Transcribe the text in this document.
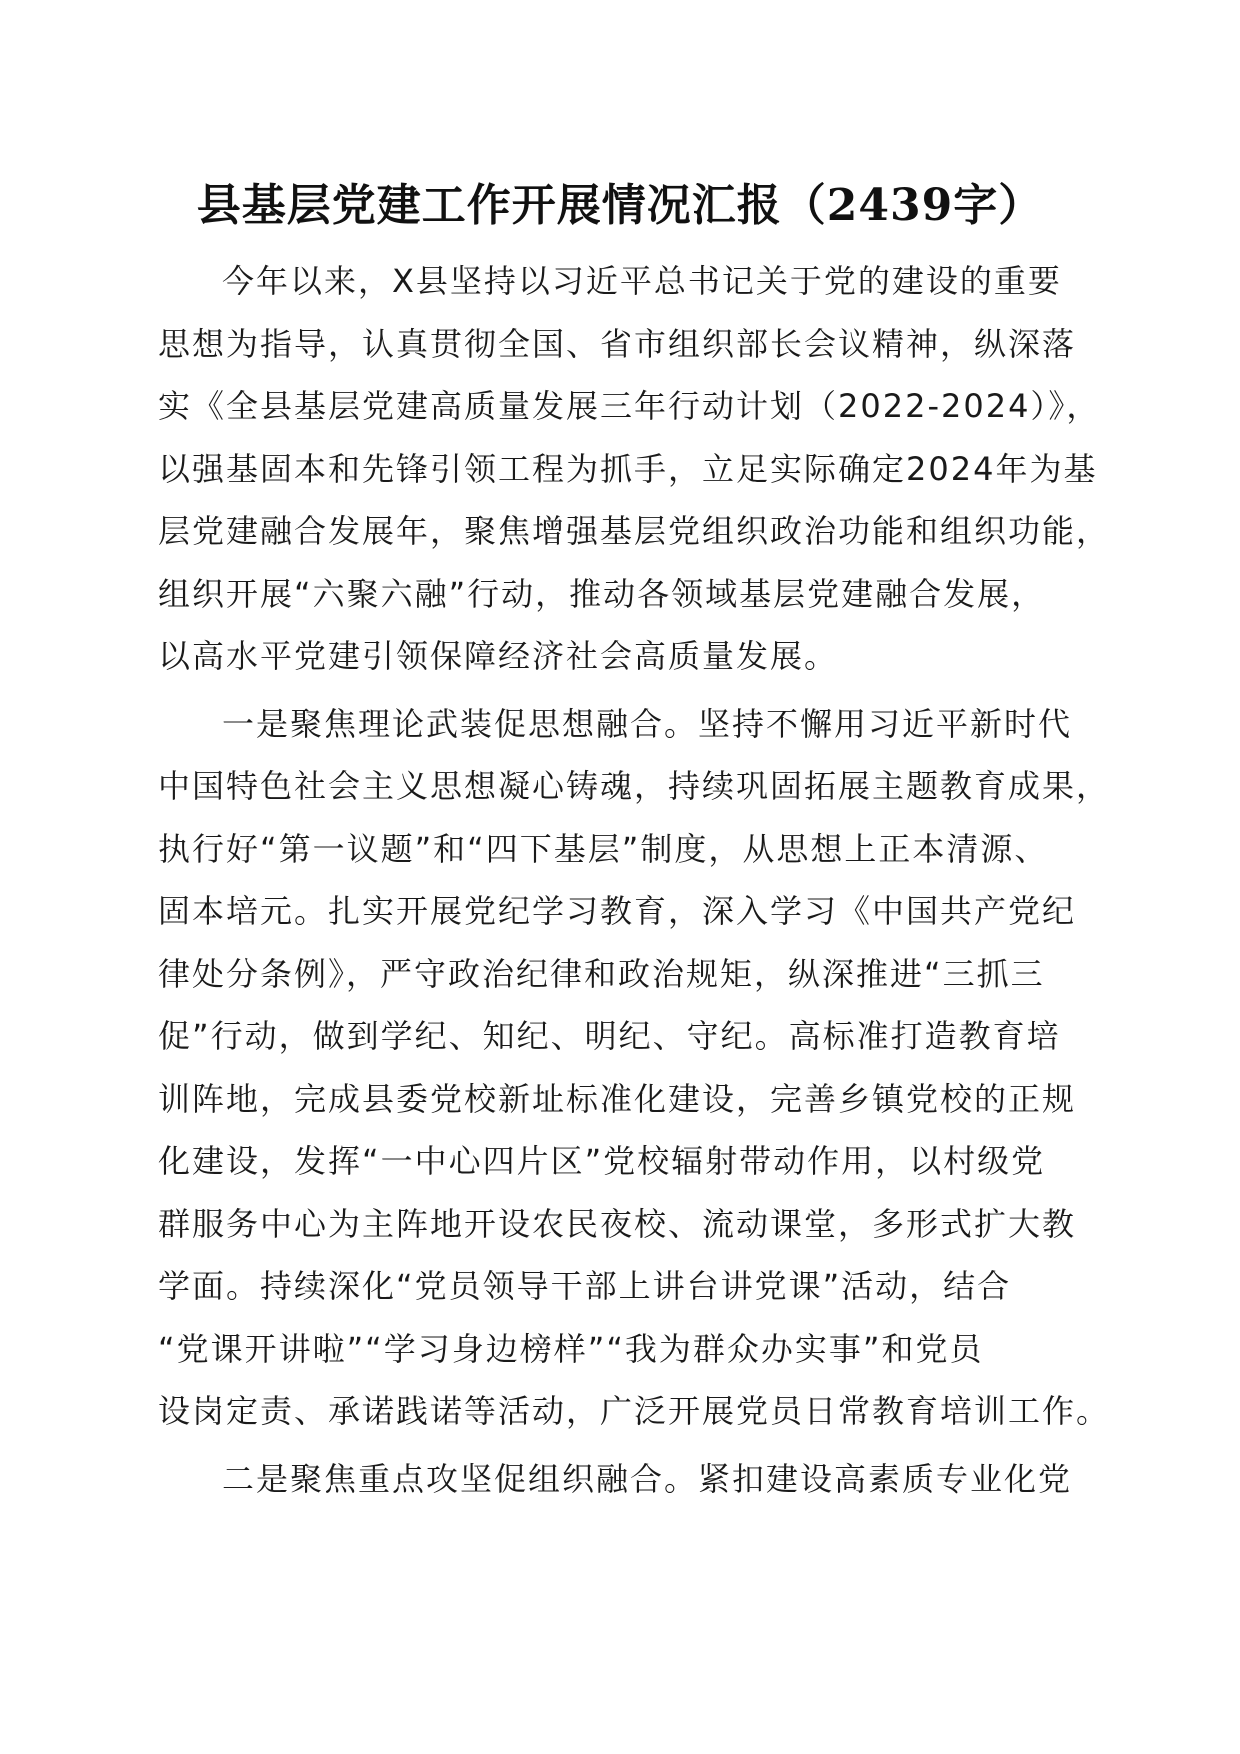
县基层党建工作开展情况汇报（2439字）

今年以来，X县坚持以习近平总书记关于党的建设的重要

思想为指导，认真贯彻全国、省市组织部长会议精神，纵深落

实《全县基层党建高质量发展三年行动计划（2022-2024）》，

以强基固本和先锋引领工程为抓手，立足实际确定2024年为基

层党建融合发展年，聚焦增强基层党组织政治功能和组织功能，

组织开展“六聚六融”行动，推动各领域基层党建融合发展，

以高水平党建引领保障经济社会高质量发展。

一是聚焦理论武装促思想融合。坚持不懈用习近平新时代

中国特色社会主义思想凝心铸魂，持续巩固拓展主题教育成果，

执行好“第一议题”和“四下基层”制度，从思想上正本清源、

固本培元。扎实开展党纪学习教育，深入学习《中国共产党纪

律处分条例》，严守政治纪律和政治规矩，纵深推进“三抓三

促”行动，做到学纪、知纪、明纪、守纪。高标准打造教育培

训阵地，完成县委党校新址标准化建设，完善乡镇党校的正规

化建设，发挥“一中心四片区”党校辐射带动作用，以村级党

群服务中心为主阵地开设农民夜校、流动课堂，多形式扩大教

学面。持续深化“党员领导干部上讲台讲党课”活动，结合

“党课开讲啦”“学习身边榜样”“我为群众办实事”和党员

设岗定责、承诺践诺等活动，广泛开展党员日常教育培训工作。

二是聚焦重点攻坚促组织融合。紧扣建设高素质专业化党
